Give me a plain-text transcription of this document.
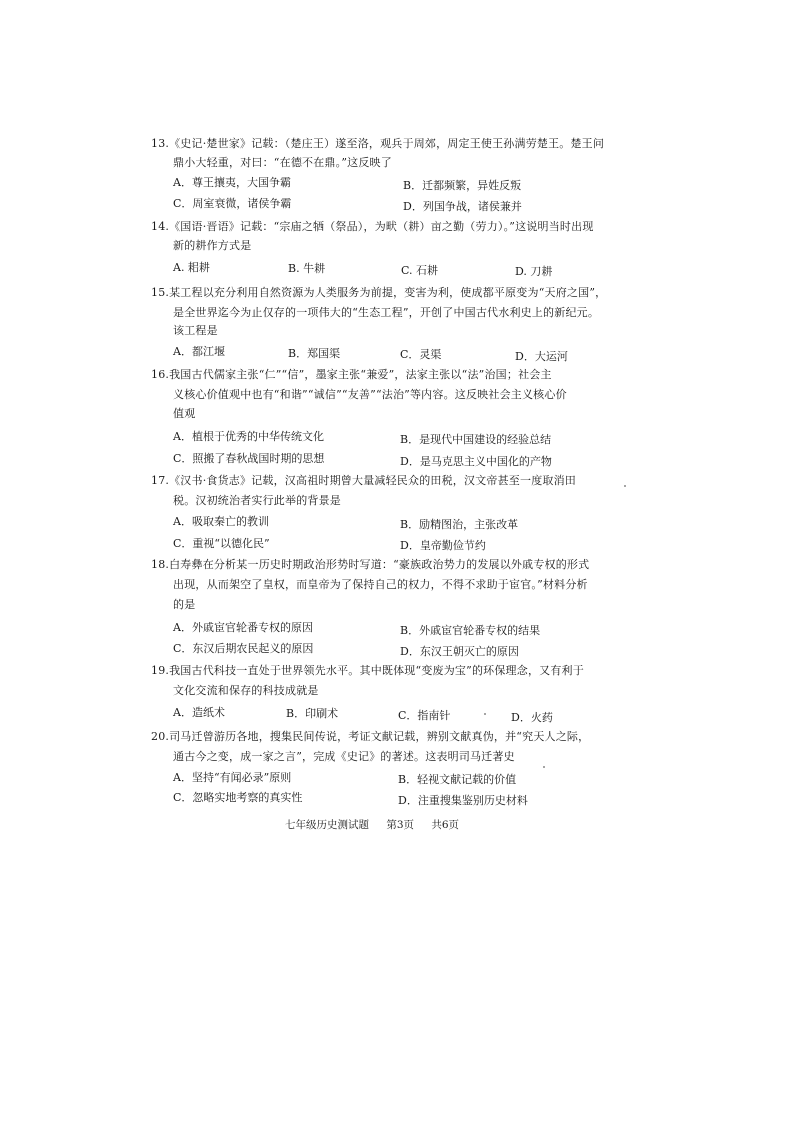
13.《史记·楚世家》记载：（楚庄王）遂至洛，观兵于周郊，周定王使王孙满劳楚王。楚王问
鼎小大轻重，对曰：“在德不在鼎。”这反映了
A．尊王攘夷，大国争霸	B．迁都频繁，异姓反叛
C．周室衰微，诸侯争霸	D．列国争战，诸侯兼并
14.《国语·晋语》记载：“宗庙之牺（祭品），为畎（耕）亩之勤（劳力）。”这说明当时出现
新的耕作方式是
A. 耜耕	B. 牛耕	C. 石耕	D. 刀耕
15.某工程以充分利用自然资源为人类服务为前提，变害为利，使成都平原变为“天府之国”，
是全世界迄今为止仅存的一项伟大的“生态工程”，开创了中国古代水利史上的新纪元。
该工程是
A．都江堰	B．郑国渠	C．灵渠	D．大运河
16.我国古代儒家主张“仁”“信”，墨家主张“兼爱”，法家主张以“法”治国；社会主
义核心价值观中也有“和谐”“诚信”“友善”“法治”等内容。这反映社会主义核心价
值观
A．植根于优秀的中华传统文化	B．是现代中国建设的经验总结
C．照搬了春秋战国时期的思想	D．是马克思主义中国化的产物
17.《汉书·食货志》记载，汉高祖时期曾大量减轻民众的田税，汉文帝甚至一度取消田
税。汉初统治者实行此举的背景是
A．吸取秦亡的教训	B．励精图治，主张改革
C．重视“以德化民”	D．皇帝勤俭节约
18.白寿彝在分析某一历史时期政治形势时写道：“豪族政治势力的发展以外戚专权的形式
出现，从而架空了皇权，而皇帝为了保持自己的权力，不得不求助于宦官。”材料分析
的是
A．外戚宦官轮番专权的原因	B．外戚宦官轮番专权的结果
C．东汉后期农民起义的原因	D．东汉王朝灭亡的原因
19.我国古代科技一直处于世界领先水平。其中既体现“变废为宝”的环保理念，又有利于
文化交流和保存的科技成就是
A．造纸术	B．印刷术	C．指南针	D．火药
20.司马迁曾游历各地，搜集民间传说，考证文献记载，辨别文献真伪，并“究天人之际，
通古今之变，成一家之言”，完成《史记》的著述。这表明司马迁著史
A．坚持“有闻必录”原则	B．轻视文献记载的价值
C．忽略实地考察的真实性	D．注重搜集鉴别历史材料
七年级历史测试题 第3页 共6页
